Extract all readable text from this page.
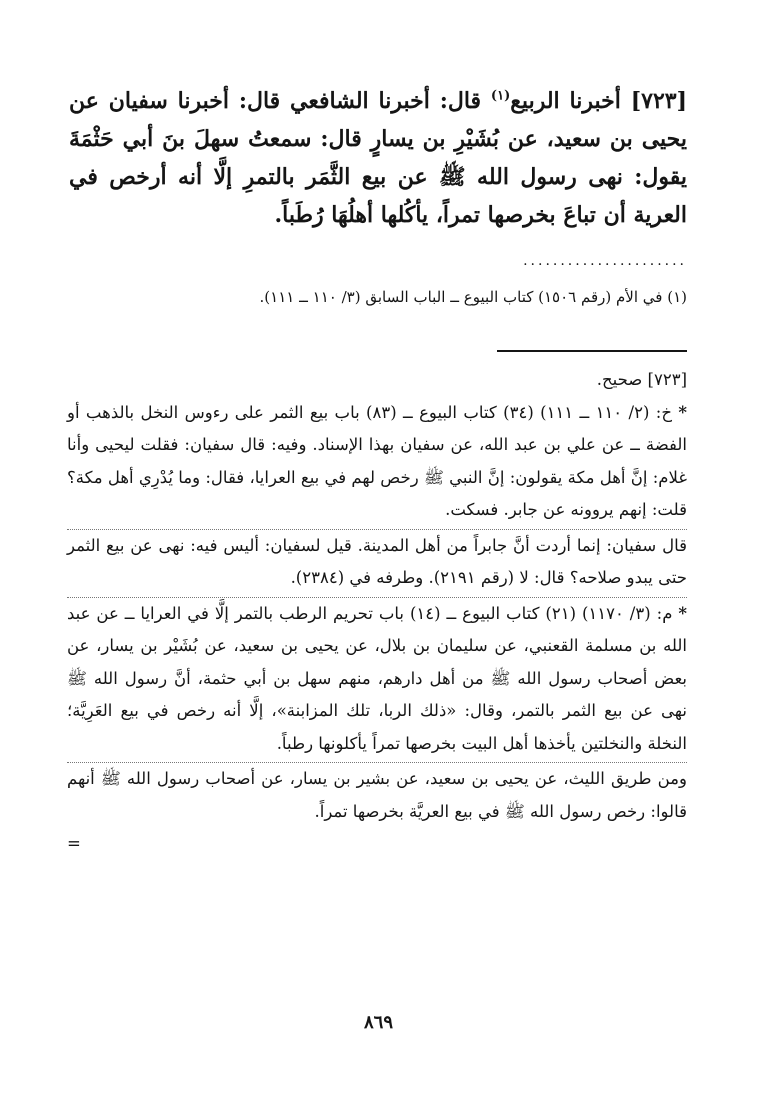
[٧٢٣] أخبرنا الربيع$^{(١)}$ قال: أخبرنا الشافعي قال: أخبرنا سفيان عن يحيى بن سعيد، عن بُشَيْرِ بن يسارٍ قال: سمعتُ سهلَ بنَ أبي حَثْمَةَ يقول: نهى رسول الله ﷺ عن بيع الثَّمَر بالتمرِ إلَّا أنه أرخص في العرية أن تباعَ بخرصها تمراً، يأكُلها أهلُهَا رُطَباً.

......................
(١) في الأم (رقم ١٥٠٦) كتاب البيوع ــ الباب السابق (٣/ ١١٠ ــ ١١١).

[٧٢٣] صحيح.

* خ: (٢/ ١١٠ ــ ١١١) (٣٤) كتاب البيوع ــ (٨٣) باب بيع الثمر على رءوس النخل بالذهب أو الفضة ــ عن علي بن عبد الله، عن سفيان بهذا الإسناد. وفيه: قال سفيان: فقلت ليحيى وأنا غلام: إنَّ أهل مكة يقولون: إنَّ النبي ﷺ رخص لهم في بيع العرايا، فقال: وما يُدْرِي أهل مكة؟ قلت: إنهم يروونه عن جابر. فسكت.

قال سفيان: إنما أردت أنَّ جابراً من أهل المدينة. قيل لسفيان: أليس فيه: نهى عن بيع الثمر حتى يبدو صلاحه؟ قال: لا (رقم ٢١٩١). وطرفه في (٢٣٨٤).

* م: (٣/ ١١٧٠) (٢١) كتاب البيوع ــ (١٤) باب تحريم الرطب بالتمر إلَّا في العرايا ــ عن عبد الله بن مسلمة القعنبي، عن سليمان بن بلال، عن يحيى بن سعيد، عن بُشَيْر بن يسار، عن بعض أصحاب رسول الله ﷺ من أهل دارهم، منهم سهل بن أبي حثمة، أنَّ رسول الله ﷺ نهى عن بيع الثمر بالتمر، وقال: «ذلك الربا، تلك المزابنة»، إلَّا أنه رخص في بيع العَرِيَّة؛ النخلة والنخلتين يأخذها أهل البيت بخرصها تمراً يأكلونها رطباً.

ومن طريق الليث، عن يحيى بن سعيد، عن بشير بن يسار، عن أصحاب رسول الله ﷺ أنهم قالوا: رخص رسول الله ﷺ في بيع العريَّة بخرصها تمراً.

=

٨٦٩
